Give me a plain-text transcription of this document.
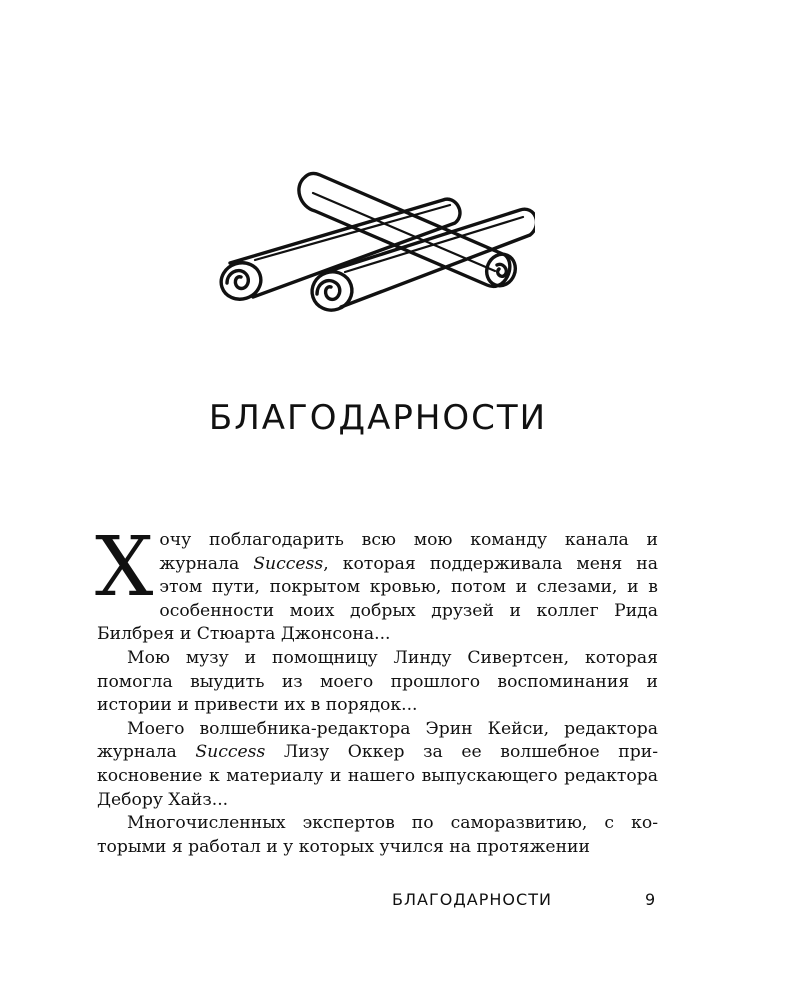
БЛАГОДАРНОСТИ

Хочу поблагодарить всю мою команду канала и журнала Success, которая поддерживала меня на этом пути, покрытом кровью, потом и слезами, и в особенности моих добрых друзей и коллег Рида Билбрея и Стюарта Джонсона...

Мою музу и помощницу Линду Сивертсен, которая помогла выудить из моего прошлого воспоминания и истории и привести их в порядок...

Моего волшебника-редактора Эрин Кейси, редактора журнала Success Лизу Оккер за ее волшебное прикосновение к материалу и нашего выпускающего редактора Дебору Хайз...

Многочисленных экспертов по саморазвитию, с которыми я работал и у которых учился на протяжении

БЛАГОДАРНОСТИ	9
